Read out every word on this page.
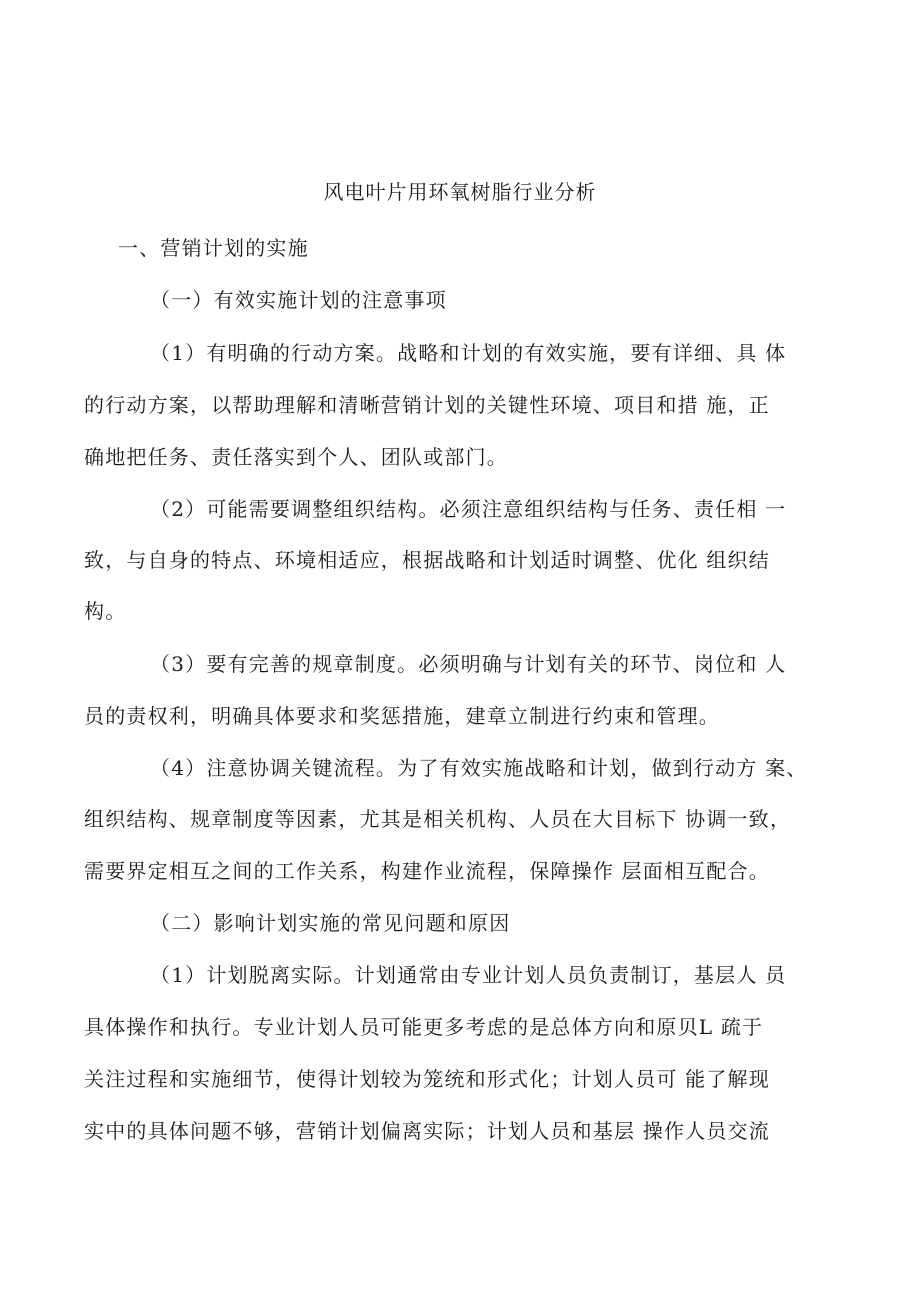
风电叶片用环氧树脂行业分析
一、营销计划的实施
（一）有效实施计划的注意事项
（1）有明确的行动方案。战略和计划的有效实施，要有详细、具 体
的行动方案，以帮助理解和清晰营销计划的关键性环境、项目和措 施，正
确地把任务、责任落实到个人、团队或部门。
（2）可能需要调整组织结构。必须注意组织结构与任务、责任相 一
致，与自身的特点、环境相适应，根据战略和计划适时调整、优化 组织结
构。
（3）要有完善的规章制度。必须明确与计划有关的环节、岗位和 人
员的责权利，明确具体要求和奖惩措施，建章立制进行约束和管理。
（4）注意协调关键流程。为了有效实施战略和计划，做到行动方 案、
组织结构、规章制度等因素，尤其是相关机构、人员在大目标下 协调一致，
需要界定相互之间的工作关系，构建作业流程，保障操作 层面相互配合。
（二）影响计划实施的常见问题和原因
（1）计划脱离实际。计划通常由专业计划人员负责制订，基层人 员
具体操作和执行。专业计划人员可能更多考虑的是总体方向和原贝L 疏于
关注过程和实施细节，使得计划较为笼统和形式化；计划人员可 能了解现
实中的具体问题不够，营销计划偏离实际；计划人员和基层 操作人员交流
